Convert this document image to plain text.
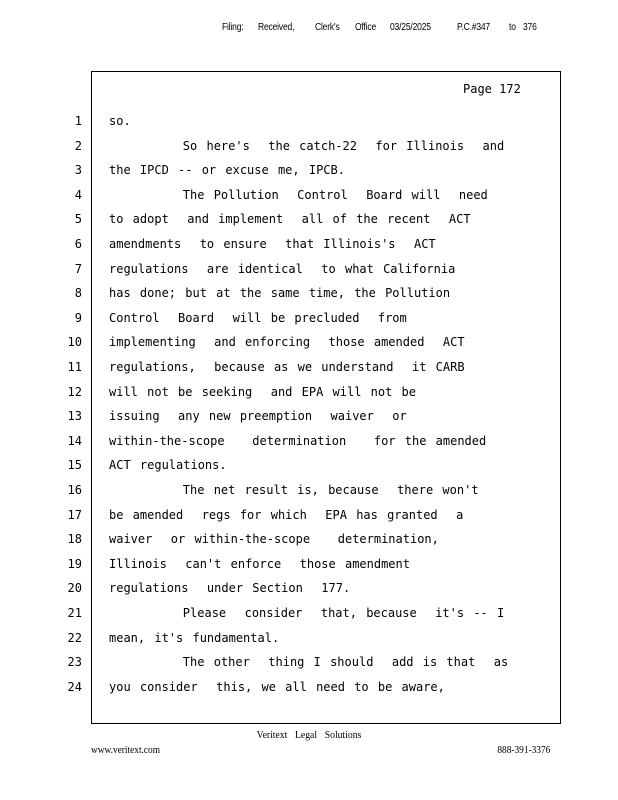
Filing: Received, Clerk's Office 03/25/2025	P.C.#347 to 376
Page 172
1 so.
2 So here's  the catch-22  for Illinois  and
3 the IPCD -- or excuse me, IPCB.
4 The Pollution  Control  Board will  need
5 to adopt  and implement  all of the recent  ACT
6 amendments  to ensure  that Illinois's  ACT
7 regulations  are identical  to what California
8 has done; but at the same time, the Pollution
9 Control  Board  will be precluded  from
10 implementing  and enforcing  those amended  ACT
11 regulations,  because as we understand  it CARB
12 will not be seeking  and EPA will not be
13 issuing  any new preemption  waiver  or
14 within-the-scope   determination   for the amended
15 ACT regulations.
16 The net result is, because  there won't
17 be amended  regs for which  EPA has granted  a
18 waiver  or within-the-scope   determination,
19 Illinois  can't enforce  those amendment
20 regulations  under Section  177.
21 Please  consider  that, because  it's -- I
22 mean, it's fundamental.
23 The other  thing I should  add is that  as
24 you consider  this, we all need to be aware,
Veritext Legal Solutions
www.veritext.com	888-391-3376
